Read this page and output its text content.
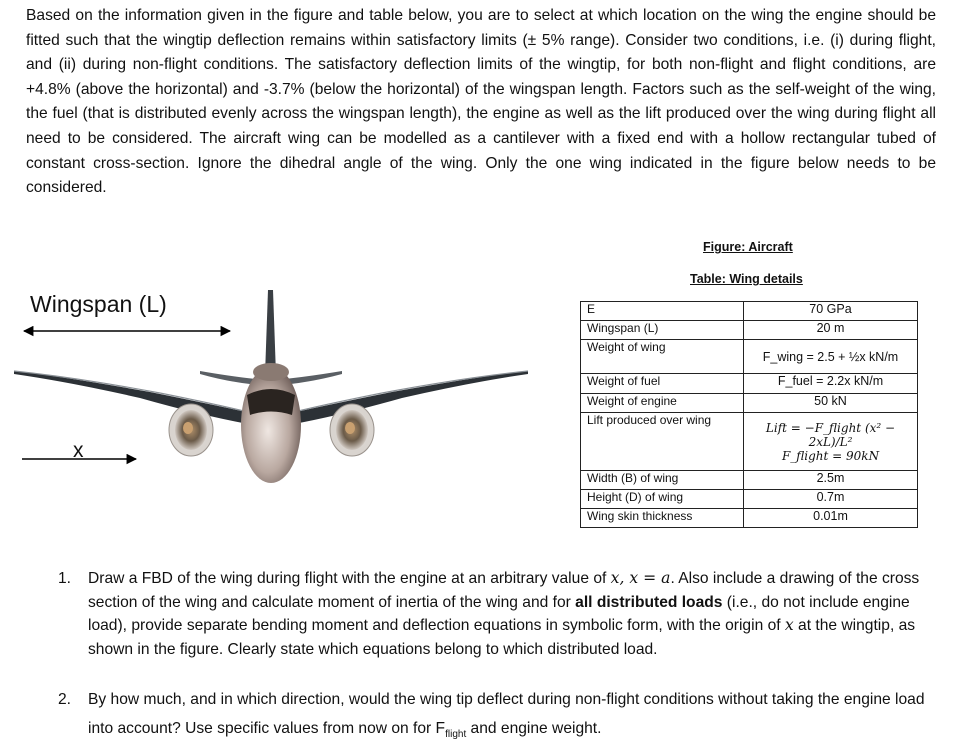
Based on the information given in the figure and table below, you are to select at which location on the wing the engine should be fitted such that the wingtip deflection remains within satisfactory limits (± 5% range). Consider two conditions, i.e. (i) during flight, and (ii) during non-flight conditions. The satisfactory deflection limits of the wingtip, for both non-flight and flight conditions, are +4.8% (above the horizontal) and -3.7% (below the horizontal) of the wingspan length. Factors such as the self-weight of the wing, the fuel (that is distributed evenly across the wingspan length), the engine as well as the lift produced over the wing during flight all need to be considered. The aircraft wing can be modelled as a cantilever with a fixed end with a hollow rectangular tubed of constant cross-section. Ignore the dihedral angle of the wing. Only the one wing indicated in the figure below needs to be considered.

Figure: Aircraft
Table: Wing details
Wingspan (L)
x
E	70 GPa
Wingspan (L)	20 m
Weight of wing	F_wing = 2.5 + ½x kN/m
Weight of fuel	F_fuel = 2.2x kN/m
Weight of engine	50 kN
Lift produced over wing	Lift = −F_flight (x² − 2xL)/L²
F_flight = 90kN

Width (B) of wing	2.5m
Height (D) of wing	0.7m
Wing skin thickness	0.01m

1. Draw a FBD of the wing during flight with the engine at an arbitrary value of x, x = a. Also include a drawing of the cross section of the wing and calculate moment of inertia of the wing and for all distributed loads (i.e., do not include engine load), provide separate bending moment and deflection equations in symbolic form, with the origin of x at the wingtip, as shown in the figure. Clearly state which equations belong to which distributed load.

2. By how much, and in which direction, would the wing tip deflect during non-flight conditions without taking the engine load into account? Use specific values from now on for $F_{flight}$ and engine weight.
